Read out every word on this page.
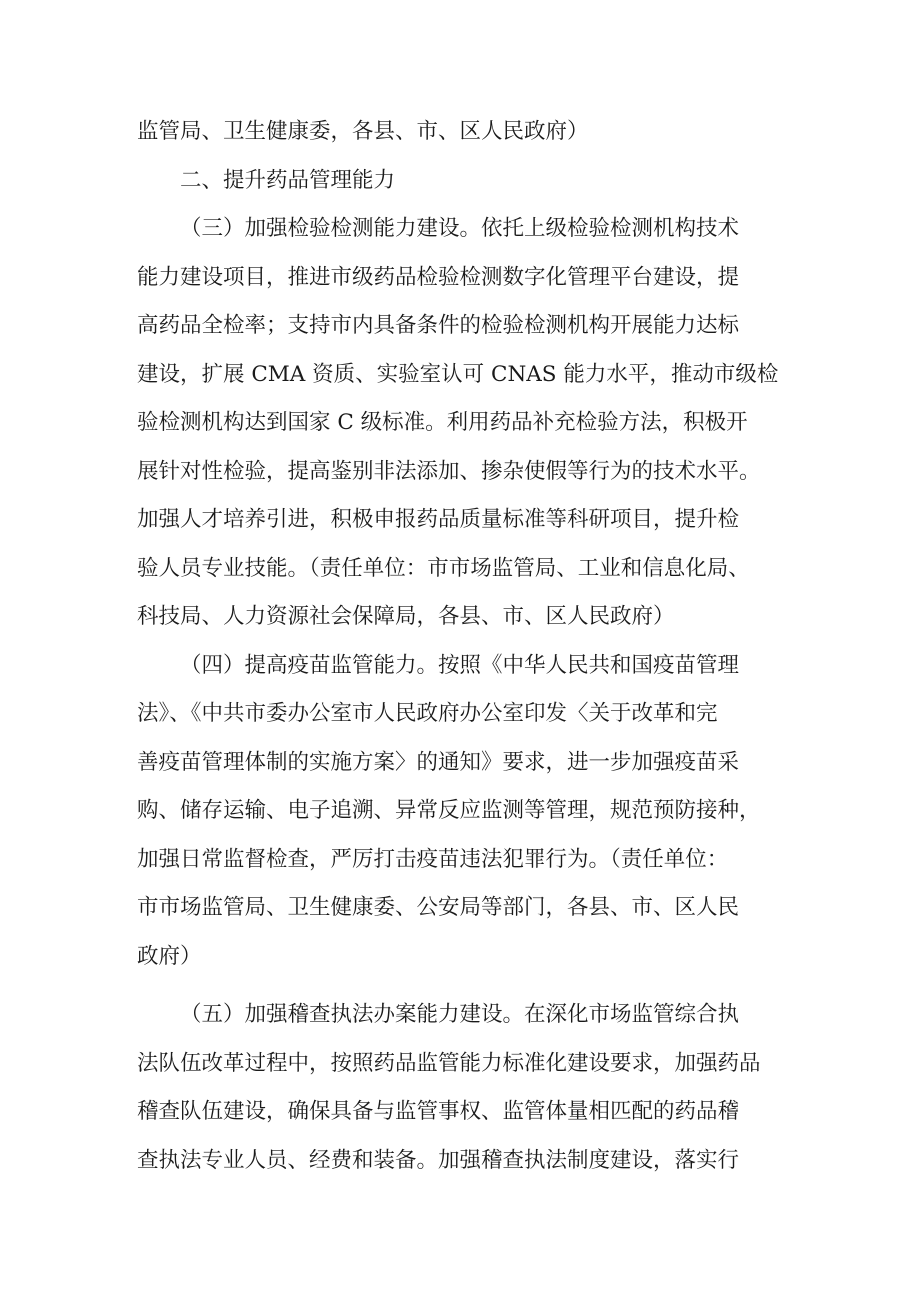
监管局、卫生健康委，各县、市、区人民政府）
二、提升药品管理能力
（三）加强检验检测能力建设。依托上级检验检测机构技术
能力建设项目，推进市级药品检验检测数字化管理平台建设，提
高药品全检率；支持市内具备条件的检验检测机构开展能力达标
建设，扩展 CMA 资质、实验室认可 CNAS 能力水平，推动市级检
验检测机构达到国家 C 级标准。利用药品补充检验方法，积极开
展针对性检验，提高鉴别非法添加、掺杂使假等行为的技术水平。
加强人才培养引进，积极申报药品质量标准等科研项目，提升检
验人员专业技能。（责任单位：市市场监管局、工业和信息化局、
科技局、人力资源社会保障局，各县、市、区人民政府）
（四）提高疫苗监管能力。按照《中华人民共和国疫苗管理
法》、《中共市委办公室市人民政府办公室印发〈关于改革和完
善疫苗管理体制的实施方案〉的通知》要求，进一步加强疫苗采
购、储存运输、电子追溯、异常反应监测等管理，规范预防接种，
加强日常监督检查，严厉打击疫苗违法犯罪行为。（责任单位：
市市场监管局、卫生健康委、公安局等部门，各县、市、区人民
政府）
（五）加强稽查执法办案能力建设。在深化市场监管综合执
法队伍改革过程中，按照药品监管能力标准化建设要求，加强药品
稽查队伍建设，确保具备与监管事权、监管体量相匹配的药品稽
查执法专业人员、经费和装备。加强稽查执法制度建设，落实行
